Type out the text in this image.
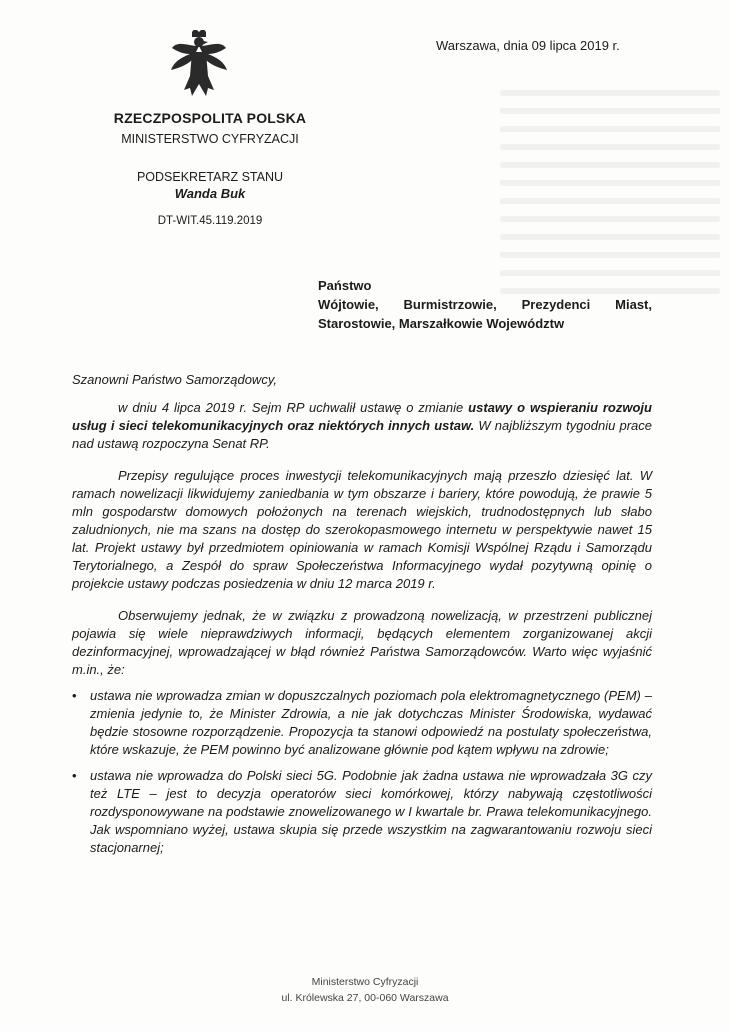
Warszawa, dnia 09 lipca 2019 r.
RZECZPOSPOLITA POLSKA
MINISTERSTWO CYFRYZACJI
PODSEKRETARZ STANU
Wanda Buk
DT-WIT.45.119.2019
Państwo
Wójtowie, Burmistrzowie, Prezydenci Miast,
Starostowie, Marszałkowie Województw

Szanowni Państwo Samorządowcy,

w dniu 4 lipca 2019 r. Sejm RP uchwalił ustawę o zmianie ustawy o wspieraniu rozwoju usług i sieci telekomunikacyjnych oraz niektórych innych ustaw. W najbliższym tygodniu prace nad ustawą rozpoczyna Senat RP.

Przepisy regulujące proces inwestycji telekomunikacyjnych mają przeszło dziesięć lat. W ramach nowelizacji likwidujemy zaniedbania w tym obszarze i bariery, które powodują, że prawie 5 mln gospodarstw domowych położonych na terenach wiejskich, trudnodostępnych lub słabo zaludnionych, nie ma szans na dostęp do szerokopasmowego internetu w perspektywie nawet 15 lat. Projekt ustawy był przedmiotem opiniowania w ramach Komisji Wspólnej Rządu i Samorządu Terytorialnego, a Zespół do spraw Społeczeństwa Informacyjnego wydał pozytywną opinię o projekcie ustawy podczas posiedzenia w dniu 12 marca 2019 r.

Obserwujemy jednak, że w związku z prowadzoną nowelizacją, w przestrzeni publicznej pojawia się wiele nieprawdziwych informacji, będących elementem zorganizowanej akcji dezinformacyjnej, wprowadzającej w błąd również Państwa Samorządowców. Warto więc wyjaśnić m.in., że:

• ustawa nie wprowadza zmian w dopuszczalnych poziomach pola elektromagnetycznego (PEM) – zmienia jedynie to, że Minister Zdrowia, a nie jak dotychczas Minister Środowiska, wydawać będzie stosowne rozporządzenie. Propozycja ta stanowi odpowiedź na postulaty społeczeństwa, które wskazuje, że PEM powinno być analizowane głównie pod kątem wpływu na zdrowie;
• ustawa nie wprowadza do Polski sieci 5G. Podobnie jak żadna ustawa nie wprowadzała 3G czy też LTE – jest to decyzja operatorów sieci komórkowej, którzy nabywają częstotliwości rozdysponowywane na podstawie znowelizowanego w I kwartale br. Prawa telekomunikacyjnego. Jak wspomniano wyżej, ustawa skupia się przede wszystkim na zagwarantowaniu rozwoju sieci stacjonarnej;
Ministerstwo Cyfryzacji
ul. Królewska 27, 00-060 Warszawa
